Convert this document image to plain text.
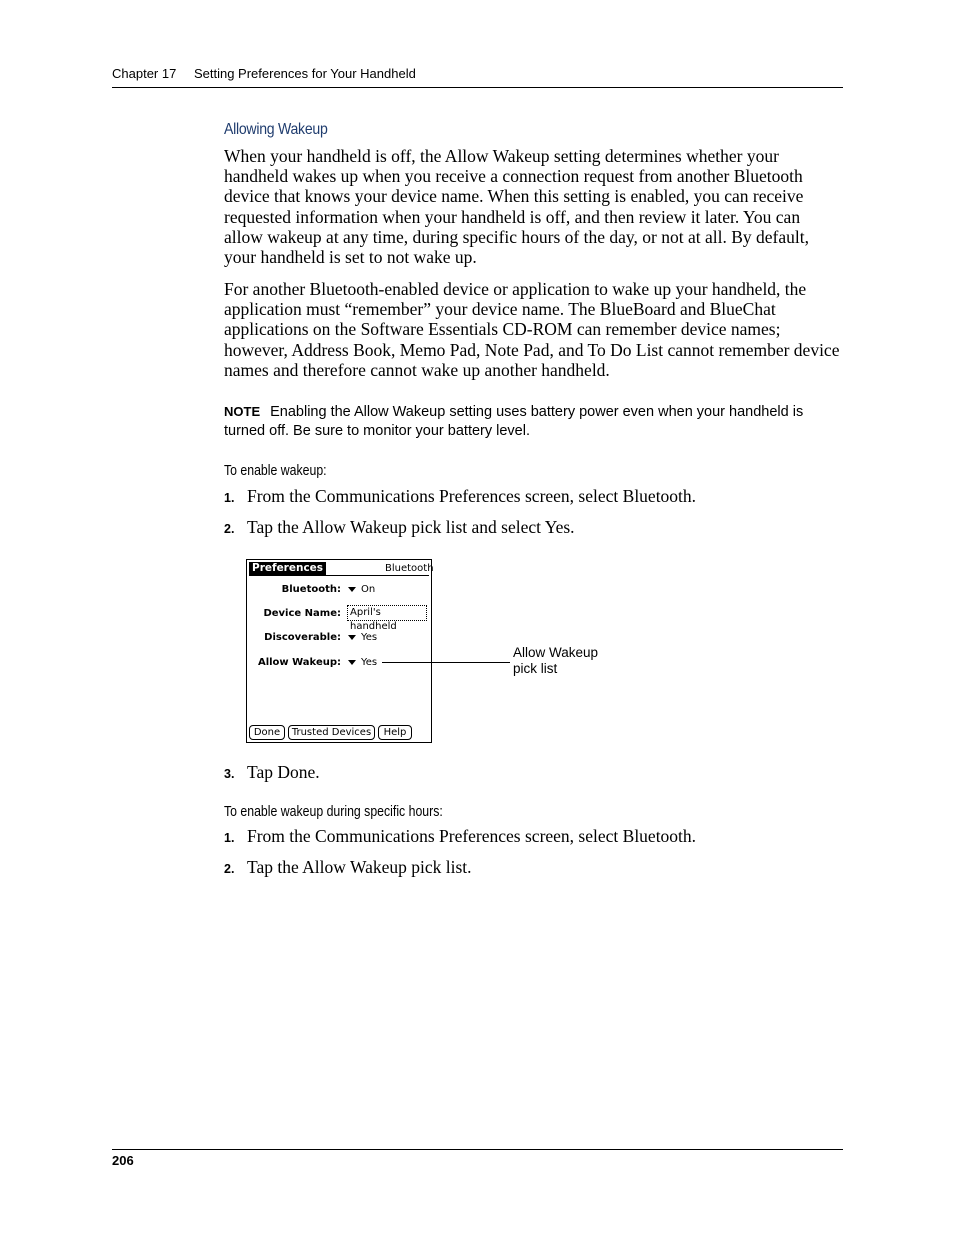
Chapter 17 Setting Preferences for Your Handheld
Allowing Wakeup

When your handheld is off, the Allow Wakeup setting determines whether your handheld wakes up when you receive a connection request from another Bluetooth device that knows your device name. When this setting is enabled, you can receive requested information when your handheld is off, and then review it later. You can allow wakeup at any time, during specific hours of the day, or not at all. By default, your handheld is set to not wake up.

For another Bluetooth-enabled device or application to wake up your handheld, the application must “remember” your device name. The BlueBoard and BlueChat applications on the Software Essentials CD-ROM can remember device names; however, Address Book, Memo Pad, Note Pad, and To Do List cannot remember device names and therefore cannot wake up another handheld.

NOTE Enabling the Allow Wakeup setting uses battery power even when your handheld is turned off. Be sure to monitor your battery level.
To enable wakeup:
1. From the Communications Preferences screen, select Bluetooth.
2. Tap the Allow Wakeup pick list and select Yes.
Preferences	Bluetooth
Bluetooth:	On
Device Name: April's handheld
Discoverable:	Yes
Allow Wakeup:	Yes
Done	Trusted Devices	Help
Allow Wakeup
pick list
3. Tap Done.
To enable wakeup during specific hours:
1. From the Communications Preferences screen, select Bluetooth.
2. Tap the Allow Wakeup pick list.
206
